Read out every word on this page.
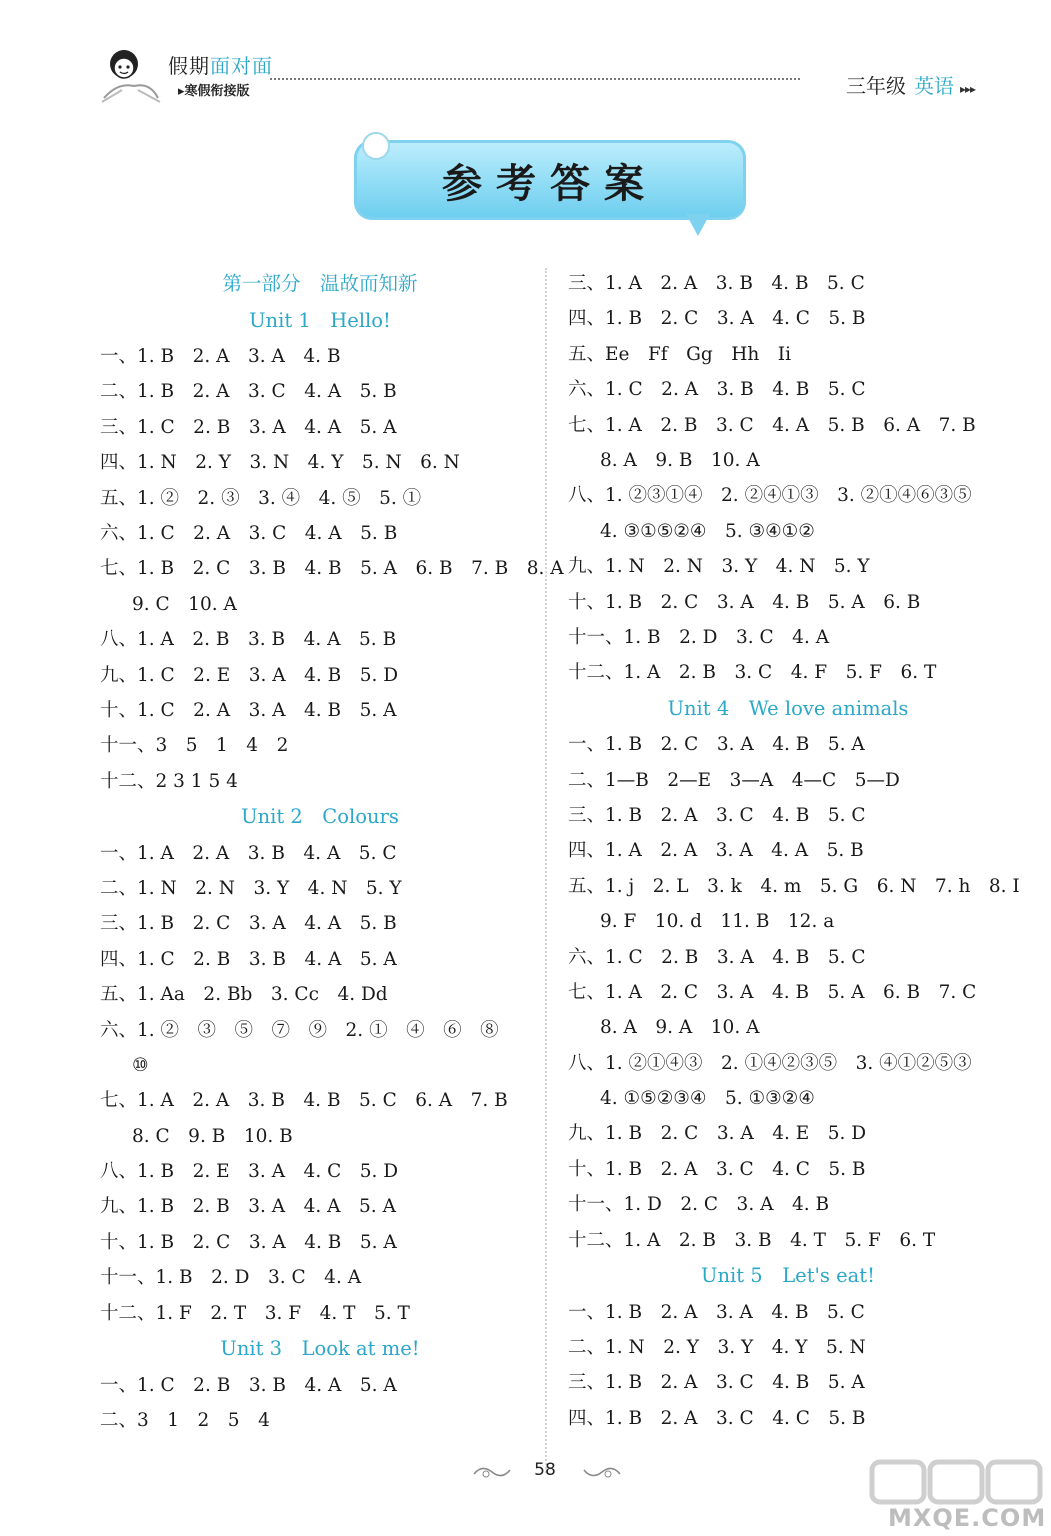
假期面对面
▸寒假衔接版	三年级 英语 ▸▸▸
参考答案
第一部分　温故而知新
Unit 1　Hello!
一、1. B　2. A　3. A　4. B
二、1. B　2. A　3. C　4. A　5. B
三、1. C　2. B　3. A　4. A　5. A
四、1. N　2. Y　3. N　4. Y　5. N　6. N
五、1. ②　2. ③　3. ④　4. ⑤　5. ①
六、1. C　2. A　3. C　4. A　5. B
七、1. B　2. C　3. B　4. B　5. A　6. B　7. B　8. A
9. C　10. A
八、1. A　2. B　3. B　4. A　5. B
九、1. C　2. E　3. A　4. B　5. D
十、1. C　2. A　3. A　4. B　5. A
十一、3　5　1　4　2
十二、2 3 1 5 4
Unit 2　Colours
一、1. A　2. A　3. B　4. A　5. C
二、1. N　2. N　3. Y　4. N　5. Y
三、1. B　2. C　3. A　4. A　5. B
四、1. C　2. B　3. B　4. A　5. A
五、1. Aa　2. Bb　3. Cc　4. Dd
六、1. ②　③　⑤　⑦　⑨　2. ①　④　⑥　⑧
⑩
七、1. A　2. A　3. B　4. B　5. C　6. A　7. B
8. C　9. B　10. B
八、1. B　2. E　3. A　4. C　5. D
九、1. B　2. B　3. A　4. A　5. A
十、1. B　2. C　3. A　4. B　5. A
十一、1. B　2. D　3. C　4. A
十二、1. F　2. T　3. F　4. T　5. T
Unit 3　Look at me!
一、1. C　2. B　3. B　4. A　5. A
二、3　1　2　5　4
三、1. A　2. A　3. B　4. B　5. C
四、1. B　2. C　3. A　4. C　5. B
五、Ee　Ff　Gg　Hh　Ii
六、1. C　2. A　3. B　4. B　5. C
七、1. A　2. B　3. C　4. A　5. B　6. A　7. B
8. A　9. B　10. A
八、1. ②③①④　2. ②④①③　3. ②①④⑥③⑤
4. ③①⑤②④　5. ③④①②
九、1. N　2. N　3. Y　4. N　5. Y
十、1. B　2. C　3. A　4. B　5. A　6. B
十一、1. B　2. D　3. C　4. A
十二、1. A　2. B　3. C　4. F　5. F　6. T
Unit 4　We love animals
一、1. B　2. C　3. A　4. B　5. A
二、1—B　2—E　3—A　4—C　5—D
三、1. B　2. A　3. C　4. B　5. C
四、1. A　2. A　3. A　4. A　5. B
五、1. j　2. L　3. k　4. m　5. G　6. N　7. h　8. I
9. F　10. d　11. B　12. a
六、1. C　2. B　3. A　4. B　5. C
七、1. A　2. C　3. A　4. B　5. A　6. B　7. C
8. A　9. A　10. A
八、1. ②①④③　2. ①④②③⑤　3. ④①②⑤③
4. ①⑤②③④　5. ①③②④
九、1. B　2. C　3. A　4. E　5. D
十、1. B　2. A　3. C　4. C　5. B
十一、1. D　2. C　3. A　4. B
十二、1. A　2. B　3. B　4. T　5. F　6. T
Unit 5　Let's eat!
一、1. B　2. A　3. A　4. B　5. C
二、1. N　2. Y　3. Y　4. Y　5. N
三、1. B　2. A　3. C　4. B　5. A
四、1. B　2. A　3. C　4. C　5. B
58
MXQE.COM
